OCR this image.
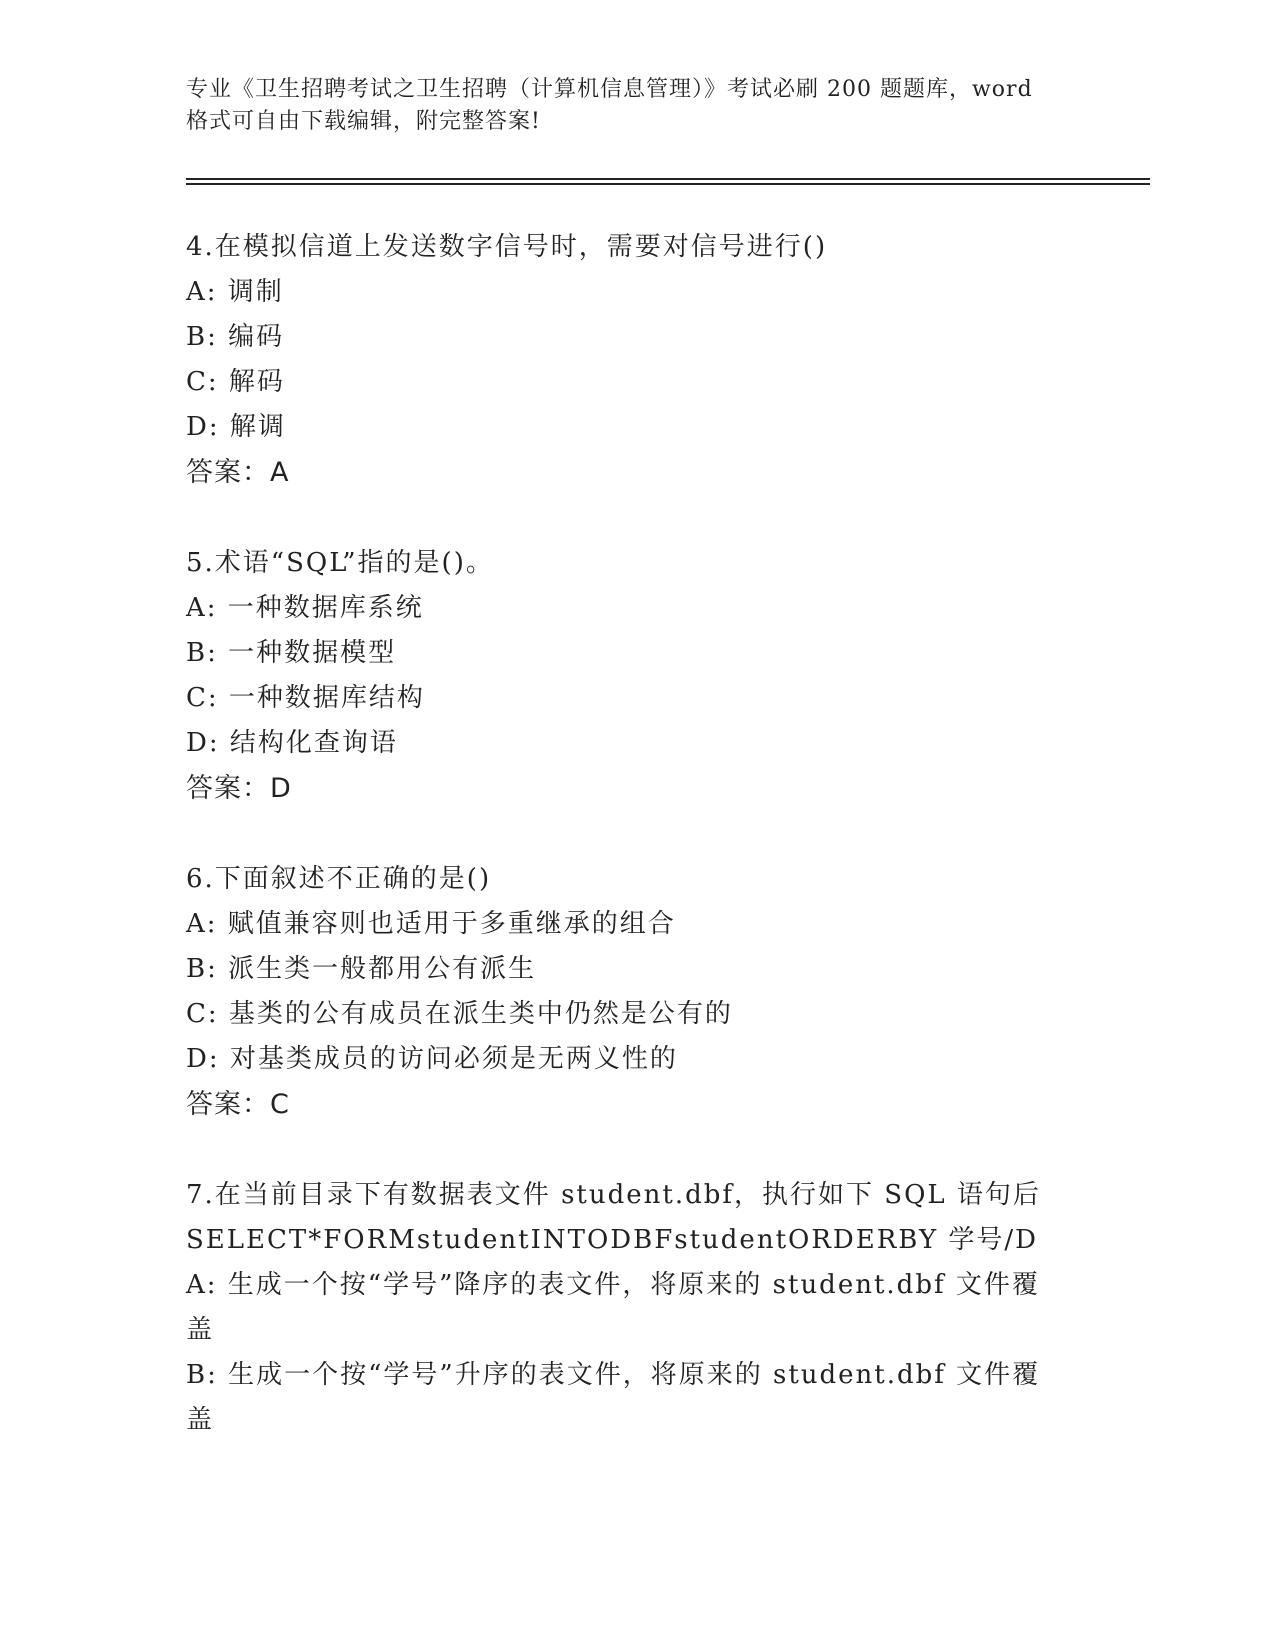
专业《卫生招聘考试之卫生招聘（计算机信息管理）》考试必刷 200 题题库，word
格式可自由下载编辑，附完整答案!
4.在模拟信道上发送数字信号时，需要对信号进行()
A: 调制
B: 编码
C: 解码
D: 解调
答案：A
5.术语“SQL”指的是()。
A: 一种数据库系统
B: 一种数据模型
C: 一种数据库结构
D: 结构化查询语
答案：D
6.下面叙述不正确的是()
A: 赋值兼容则也适用于多重继承的组合
B: 派生类一般都用公有派生
C: 基类的公有成员在派生类中仍然是公有的
D: 对基类成员的访问必须是无两义性的
答案：C
7.在当前目录下有数据表文件 student.dbf，执行如下 SQL 语句后
SELECT*FORMstudentINTODBFstudentORDERBY 学号/D
A: 生成一个按“学号”降序的表文件，将原来的 student.dbf 文件覆盖
B: 生成一个按“学号”升序的表文件，将原来的 student.dbf 文件覆盖
